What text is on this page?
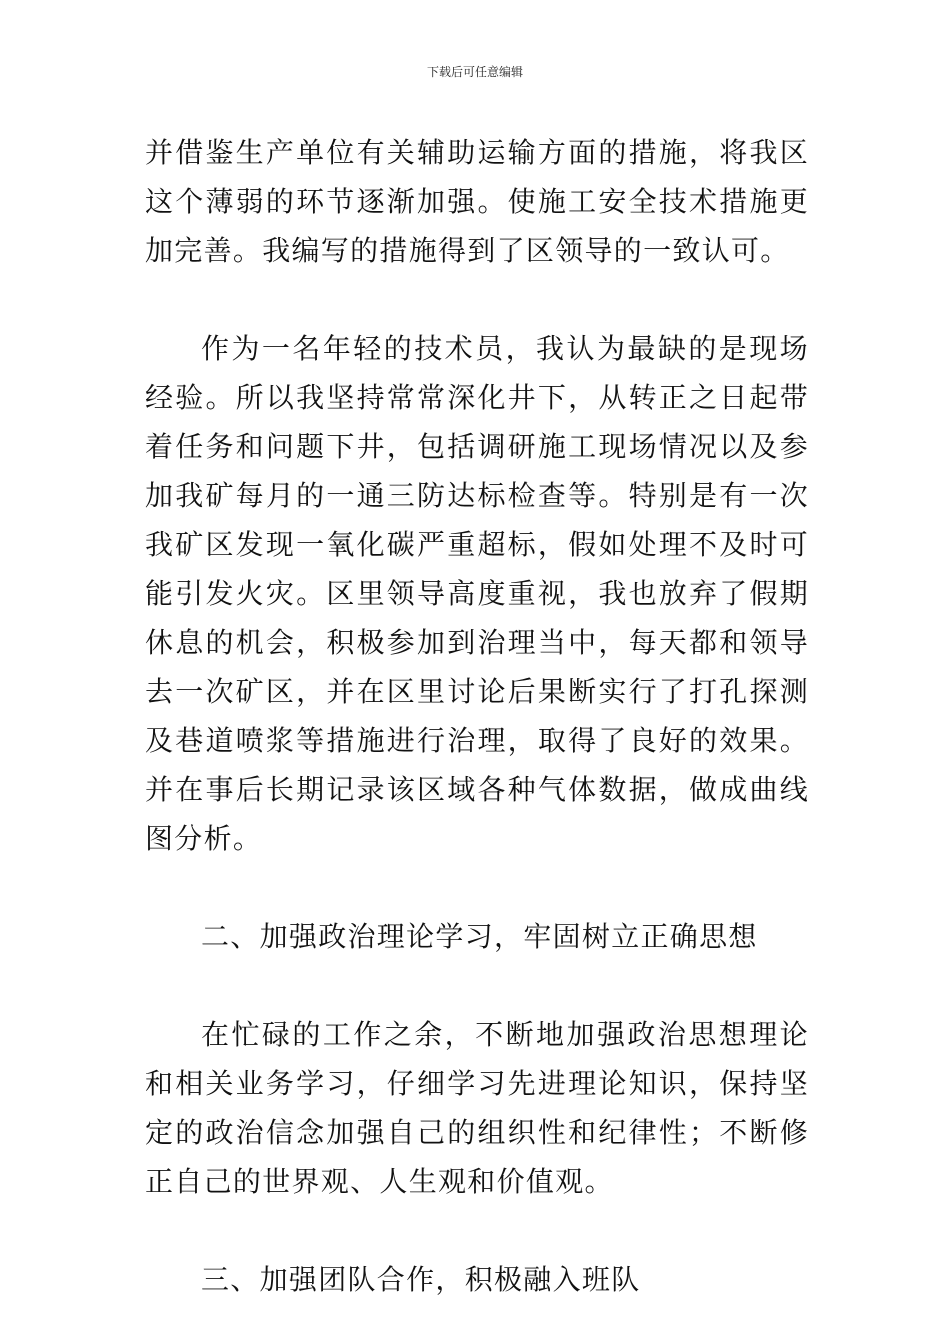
下载后可任意编辑

并借鉴生产单位有关辅助运输方面的措施，将我区这个薄弱的环节逐渐加强。使施工安全技术措施更加完善。我编写的措施得到了区领导的一致认可。

作为一名年轻的技术员，我认为最缺的是现场经验。所以我坚持常常深化井下，从转正之日起带着任务和问题下井，包括调研施工现场情况以及参加我矿每月的一通三防达标检查等。特别是有一次我矿区发现一氧化碳严重超标，假如处理不及时可能引发火灾。区里领导高度重视，我也放弃了假期休息的机会，积极参加到治理当中，每天都和领导去一次矿区，并在区里讨论后果断实行了打孔探测及巷道喷浆等措施进行治理，取得了良好的效果。并在事后长期记录该区域各种气体数据，做成曲线图分析。

二、加强政治理论学习，牢固树立正确思想

在忙碌的工作之余，不断地加强政治思想理论和相关业务学习，仔细学习先进理论知识，保持坚定的政治信念加强自己的组织性和纪律性；不断修正自己的世界观、人生观和价值观。

三、加强团队合作，积极融入班队
